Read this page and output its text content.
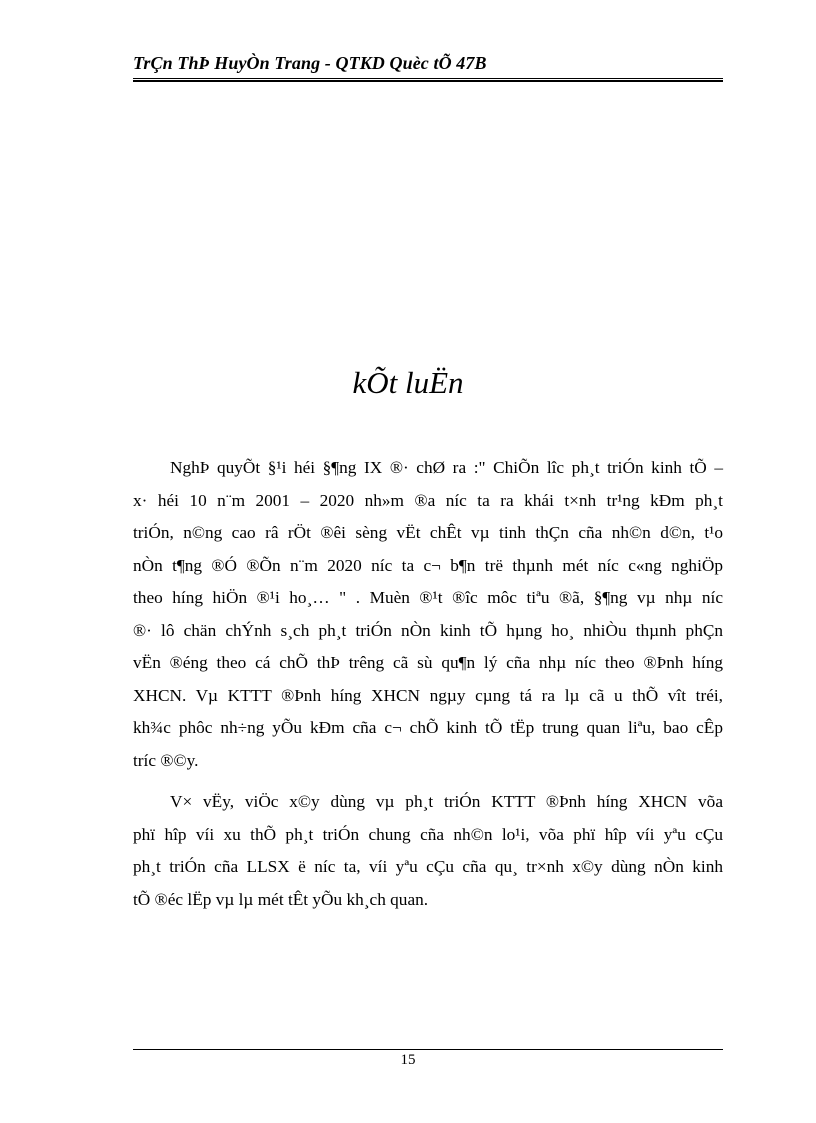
TrÇn ThÞ HuyÒn Trang - QTKD Quèc tÕ 47B
kÕt luËn
NghÞ quyÕt §¹i héi §¶ng IX ®· chØ ra :" ChiÕn lîc ph¸t triÓn kinh tÕ –
x· héi 10 n¨m 2001 – 2020 nh»m ®a níc ta ra khái t×nh tr¹ng kÐm ph¸t
triÓn, n©ng cao râ rÖt ®êi sèng vËt chÊt vµ tinh thÇn cña nh©n d©n, t¹o
nÒn t¶ng ®Ó ®Õn n¨m 2020 níc ta c¬ b¶n trë thµnh mét níc c«ng nghiÖp
theo híng hiÖn ®¹i ho¸… " . Muèn ®¹t ®îc môc tiªu ®ã, §¶ng vµ nhµ níc
®· lô chän chÝnh s¸ch ph¸t triÓn nÒn kinh tÕ hµng ho¸ nhiÒu thµnh phÇn
vËn ®éng theo cá chÕ thÞ trêng cã sù qu¶n lý cña nhµ níc theo ®Þnh híng
XHCN. Vµ KTTT ®Þnh híng XHCN ngµy cµng tá ra lµ cã u thÕ vît tréi,
kh¾c phôc nh÷ng yÕu kÐm cña c¬ chÕ kinh tÕ tËp trung quan liªu, bao cÊp
tríc ®©y.
V× vËy, viÖc x©y dùng vµ ph¸t triÓn KTTT ®Þnh híng XHCN võa
phï hîp víi xu thÕ ph¸t triÓn chung cña nh©n lo¹i, võa phï hîp víi yªu cÇu
ph¸t triÓn cña LLSX ë níc ta, víi yªu cÇu cña qu¸ tr×nh x©y dùng nÒn kinh
tÕ ®éc lËp vµ lµ mét tÊt yÕu kh¸ch quan.
15
